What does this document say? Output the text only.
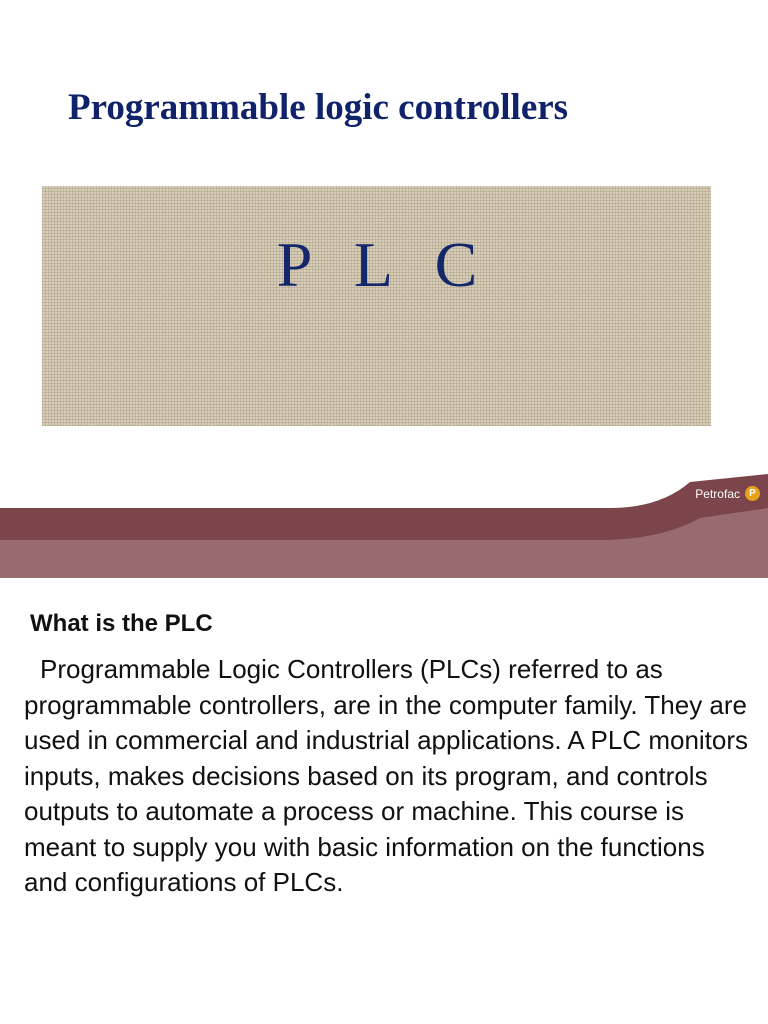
Programmable logic controllers
P L C
Petrofac P
What is the PLC

Programmable Logic Controllers (PLCs) referred to as programmable controllers, are in the computer family. They are used in commercial and industrial applications. A PLC monitors inputs, makes decisions based on its program, and controls outputs to automate a process or machine. This course is meant to supply you with basic information on the functions and configurations of PLCs.
